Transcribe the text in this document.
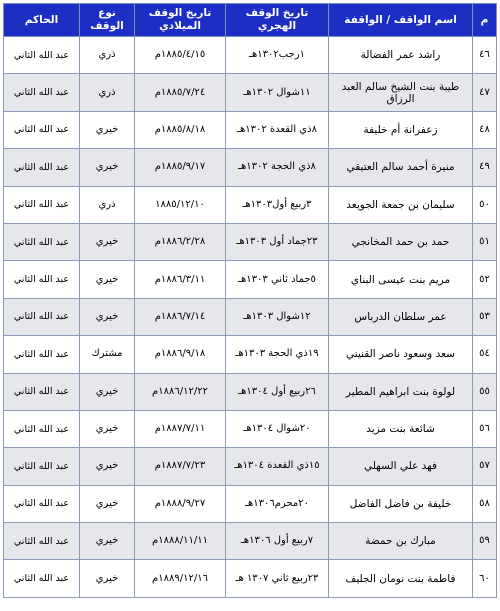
م	اسم الواقف / الواقفة	تاريخ الوقف الهجري	تاريخ الوقف الميلادي	نوع الوقف	الحاكم
٤٦	راشد عمر الفضالة	١رجب١٣٠٢هـ	١٨٨٥/٤/١٥م	ذري	عبد الله الثاني
٤٧	طيبة بنت الشيخ سالم العبد الرزاق	١١شوال ١٣٠٢هـ	١٨٨٥/٧/٢٤م	ذري	عبد الله الثاني
٤٨	زعفرانة أم خليفة	٨ذي القعدة ١٣٠٢هـ	١٨٨٥/٨/١٨م	خيري	عبد الله الثاني
٤٩	منيرة أحمد سالم العتيقي	٨ذي الحجة ١٣٠٢هـ	١٨٨٥/٩/١٧م	خيري	عبد الله الثاني
٥٠	سليمان بن جمعة الجويعد	٣ربيع أول١٣٠٣هـ	١٨٨٥/١٢/١٠	ذري	عبد الله الثاني
٥١	حمد بن حمد المخانجي	٢٣جماد أول ١٣٠٣هـ	١٨٨٦/٢/٢٨م	خيري	عبد الله الثاني
٥٢	مريم بنت عيسى البناي	٥جماد ثاني ١٣٠٣هـ	١٨٨٦/٣/١١م	خيري	عبد الله الثاني
٥٣	عمر سلطان الدرباس	١٢شوال ١٣٠٣هـ	١٨٨٦/٧/١٤م	خيري	عبد الله الثاني
٥٤	سعد وسعود ناصر القنيني	١٩ذي الحجة ١٣٠٣هـ	١٨٨٦/٩/١٨م	مشترك	عبد الله الثاني
٥٥	لولوة بنت ابراهيم المطير	٢٦ربيع أول ١٣٠٤هـ	١٨٨٦/١٢/٢٢م	خيري	عبد الله الثاني
٥٦	شائعة بنت مزيد	٢٠شوال ١٣٠٤هـ	١٨٨٧/٧/١١م	خيري	عبد الله الثاني
٥٧	فهد علي السهلي	١٥ذي القعدة ١٣٠٤هـ	١٨٨٧/٧/٢٣م	خيري	عبد الله الثاني
٥٨	خليفة بن فاضل الفاضل	٢٠محرم١٣٠٦هـ	١٨٨٨/٩/٢٧م	خيري	عبد الله الثاني
٥٩	مبارك بن حمضة	٧ربيع أول ١٣٠٦هـ	١٨٨٨/١١/١١م	خيري	عبد الله الثاني
٦٠	فاطمة بنت نومان الجليف	٢٣ربيع ثاني ١٣٠٧ هـ	١٨٨٩/١٢/١٦م	خيري	عبد الله الثاني
